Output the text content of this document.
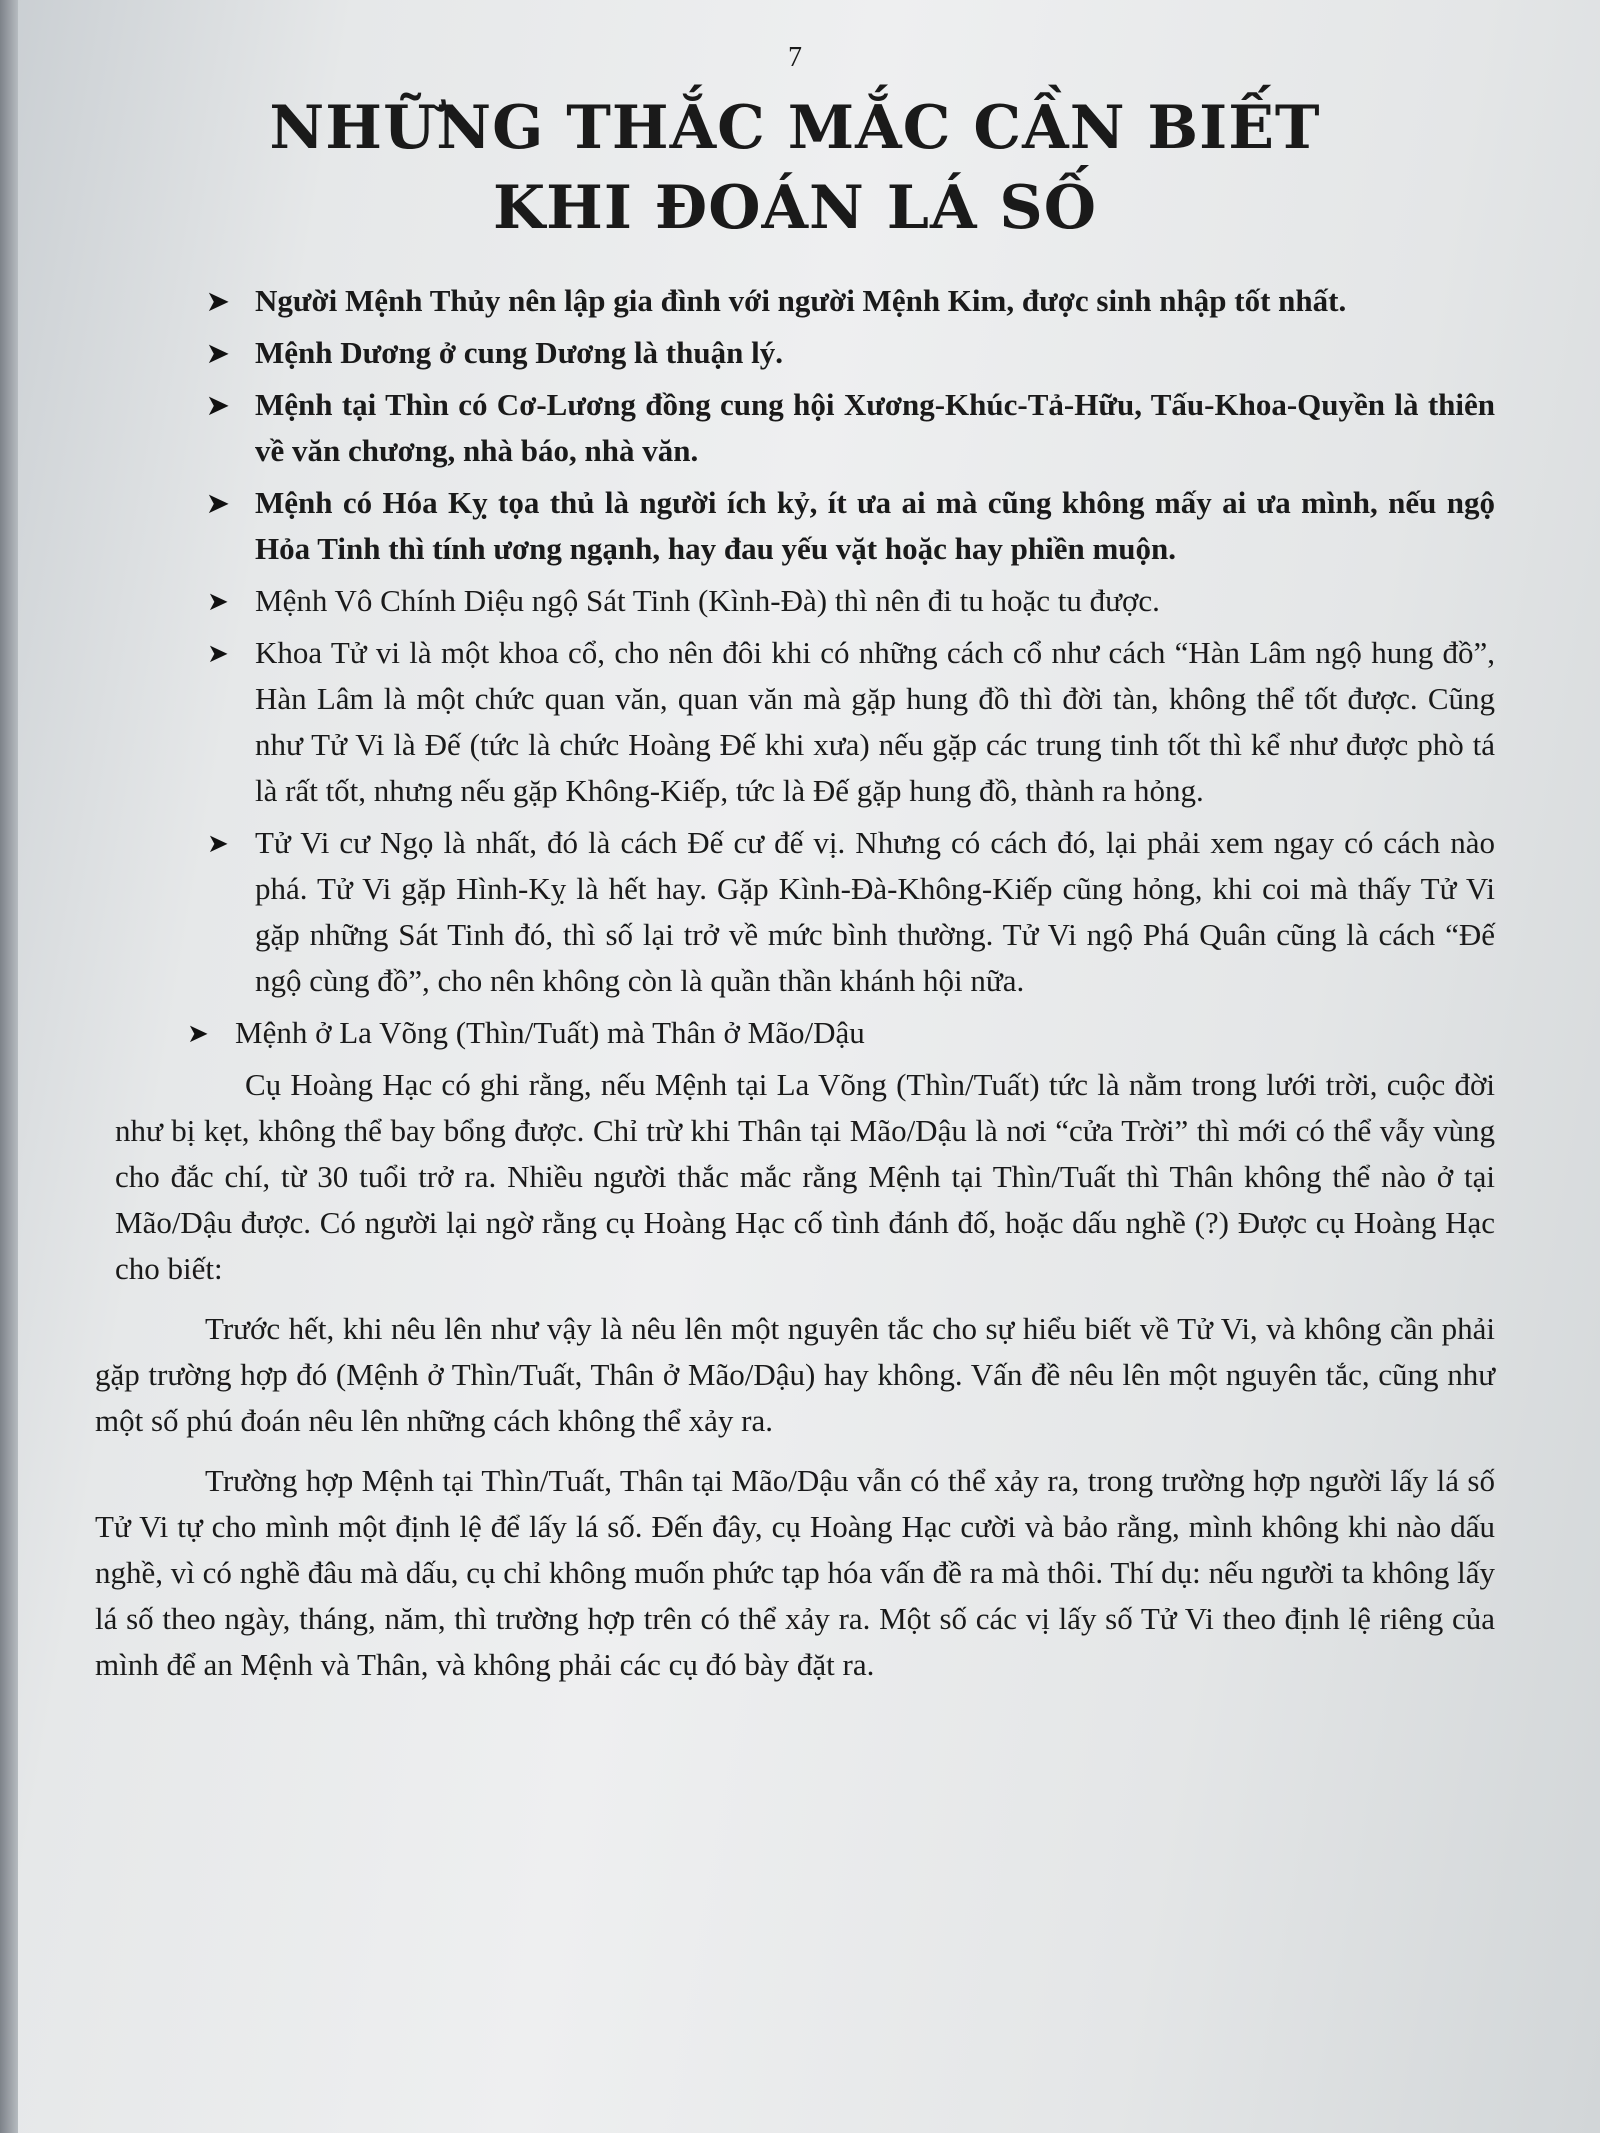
7
NHỮNG THẮC MẮC CẦN BIẾT
KHI ĐOÁN LÁ SỐ
➤ Người Mệnh Thủy nên lập gia đình với người Mệnh Kim, được sinh nhập tốt nhất.
➤ Mệnh Dương ở cung Dương là thuận lý.
➤ Mệnh tại Thìn có Cơ-Lương đồng cung hội Xương-Khúc-Tả-Hữu, Tấu-Khoa-Quyền là thiên về văn chương, nhà báo, nhà văn.
➤ Mệnh có Hóa Kỵ tọa thủ là người ích kỷ, ít ưa ai mà cũng không mấy ai ưa mình, nếu ngộ Hỏa Tinh thì tính ương ngạnh, hay đau yếu vặt hoặc hay phiền muộn.
➤ Mệnh Vô Chính Diệu ngộ Sát Tinh (Kình-Đà) thì nên đi tu hoặc tu được.
➤ Khoa Tử vi là một khoa cổ, cho nên đôi khi có những cách cổ như cách “Hàn Lâm ngộ hung đồ”, Hàn Lâm là một chức quan văn, quan văn mà gặp hung đồ thì đời tàn, không thể tốt được. Cũng như Tử Vi là Đế (tức là chức Hoàng Đế khi xưa) nếu gặp các trung tinh tốt thì kể như được phò tá là rất tốt, nhưng nếu gặp Không-Kiếp, tức là Đế gặp hung đồ, thành ra hỏng.
➤ Tử Vi cư Ngọ là nhất, đó là cách Đế cư đế vị. Nhưng có cách đó, lại phải xem ngay có cách nào phá. Tử Vi gặp Hình-Kỵ là hết hay. Gặp Kình-Đà-Không-Kiếp cũng hỏng, khi coi mà thấy Tử Vi gặp những Sát Tinh đó, thì số lại trở về mức bình thường. Tử Vi ngộ Phá Quân cũng là cách “Đế ngộ cùng đồ”, cho nên không còn là quần thần khánh hội nữa.
➤ Mệnh ở La Võng (Thìn/Tuất) mà Thân ở Mão/Dậu

Cụ Hoàng Hạc có ghi rằng, nếu Mệnh tại La Võng (Thìn/Tuất) tức là nằm trong lưới trời, cuộc đời như bị kẹt, không thể bay bổng được. Chỉ trừ khi Thân tại Mão/Dậu là nơi “cửa Trời” thì mới có thể vẫy vùng cho đắc chí, từ 30 tuổi trở ra. Nhiều người thắc mắc rằng Mệnh tại Thìn/Tuất thì Thân không thể nào ở tại Mão/Dậu được. Có người lại ngờ rằng cụ Hoàng Hạc cố tình đánh đố, hoặc dấu nghề (?) Được cụ Hoàng Hạc cho biết:

Trước hết, khi nêu lên như vậy là nêu lên một nguyên tắc cho sự hiểu biết về Tử Vi, và không cần phải gặp trường hợp đó (Mệnh ở Thìn/Tuất, Thân ở Mão/Dậu) hay không. Vấn đề nêu lên một nguyên tắc, cũng như một số phú đoán nêu lên những cách không thể xảy ra.

Trường hợp Mệnh tại Thìn/Tuất, Thân tại Mão/Dậu vẫn có thể xảy ra, trong trường hợp người lấy lá số Tử Vi tự cho mình một định lệ để lấy lá số. Đến đây, cụ Hoàng Hạc cười và bảo rằng, mình không khi nào dấu nghề, vì có nghề đâu mà dấu, cụ chỉ không muốn phức tạp hóa vấn đề ra mà thôi. Thí dụ: nếu người ta không lấy lá số theo ngày, tháng, năm, thì trường hợp trên có thể xảy ra. Một số các vị lấy số Tử Vi theo định lệ riêng của mình để an Mệnh và Thân, và không phải các cụ đó bày đặt ra.
